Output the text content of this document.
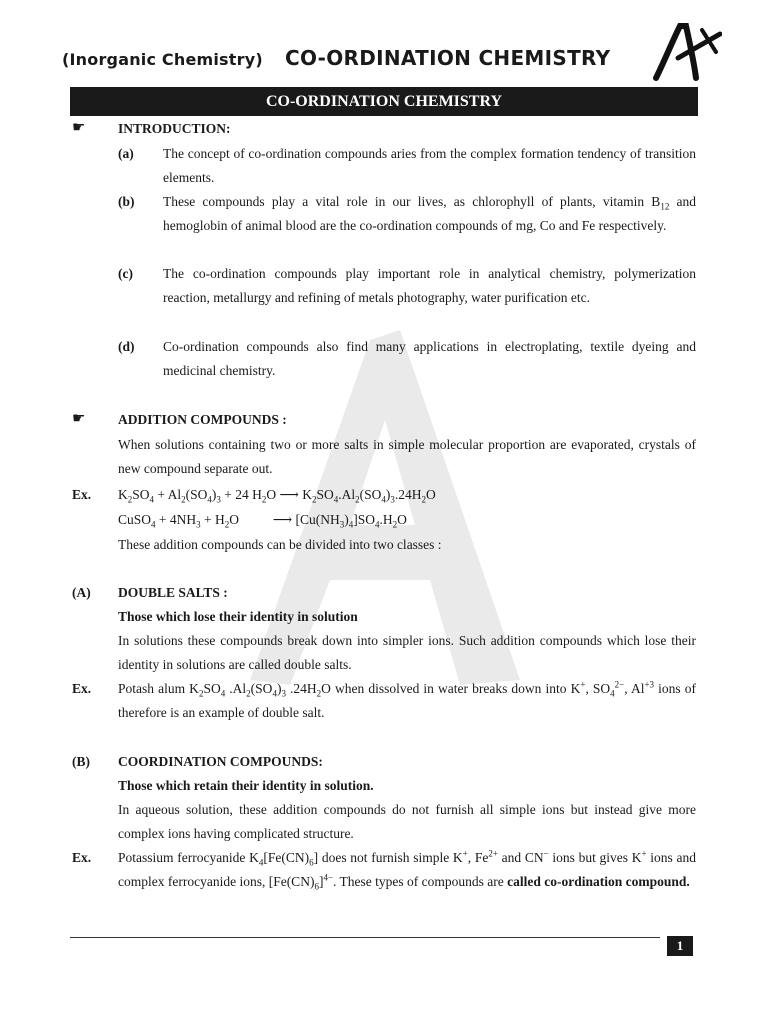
(Inorganic Chemistry) CO-ORDINATION CHEMISTRY
CO-ORDINATION CHEMISTRY
☛ INTRODUCTION:
(a) The concept of co-ordination compounds aries from the complex formation tendency of transition elements.
(b) These compounds play a vital role in our lives, as chlorophyll of plants, vitamin $B_{12}$ and hemoglobin of animal blood are the co-ordination compounds of mg, Co and Fe respectively.
(c) The co-ordination compounds play important role in analytical chemistry, polymerization reaction, metallurgy and refining of metals photography, water purification etc.
(d) Co-ordination compounds also find many applications in electroplating, textile dyeing and medicinal chemistry.
☛ ADDITION COMPOUNDS :
When solutions containing two or more salts in simple molecular proportion are evaporated, crystals of new compound separate out.
Ex. $K_2SO_4 + Al_2(SO_4)_3 + 24$ $H_2O$ ⟶ $K_2SO_4.Al_2(SO_4)_3.24H_2O$
CuSO$_4$ + $4NH_3 + H_2O$          ⟶ $[Cu(NH_3)_4]SO_4.H_2O$
These addition compounds can be divided into two classes :
(A) DOUBLE SALTS :
Those which lose their identity in solution
In solutions these compounds break down into simpler ions. Such addition compounds which lose their identity in solutions are called double salts.
Ex. Potash alum $K_2SO_4$ $.Al_2(SO_4)_3$ $.24H_2O$ when dissolved in water breaks down into K+, $SO_4^{2-}$, $Al^{+3}$ ions of therefore is an example of double salt.
(B) COORDINATION COMPOUNDS:
Those which retain their identity in solution.
In aqueous solution, these addition compounds do not furnish all simple ions but instead give more complex ions having complicated structure.
Ex. Potassium ferrocyanide $K_4[Fe(CN)_6]$ does not furnish simple K+, $Fe^{2+}$ and CN− ions but gives K+ ions and complex ferrocyanide ions, $[Fe(CN)_6]^{4-}$. These types of compounds are called co-ordination compound.
1
